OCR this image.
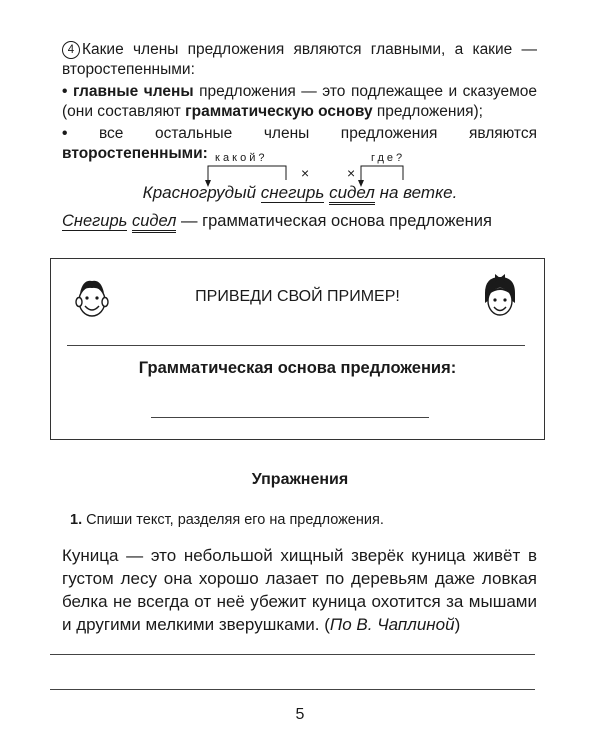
4 Какие члены предложения являются главными, а какие — второстепенными:
• главные члены предложения — это подлежащее и сказуемое (они составляют грамматическую основу предложения);
• все остальные члены предложения являются второстепенными: какой?	где?
×	×
Красногрудый снегирь сидел на ветке.
Снегирь сидел — грамматическая основа предложения
ПРИВЕДИ СВОЙ ПРИМЕР!
Грамматическая основа предложения:
Упражнения
1. Спиши текст, разделяя его на предложения.
Куница — это небольшой хищный зверёк куница живёт в густом лесу она хорошо лазает по деревьям даже ловкая белка не всегда от неё убежит куница охотится за мышами и другими мелкими зверушками. (По В. Чаплиной)
5
